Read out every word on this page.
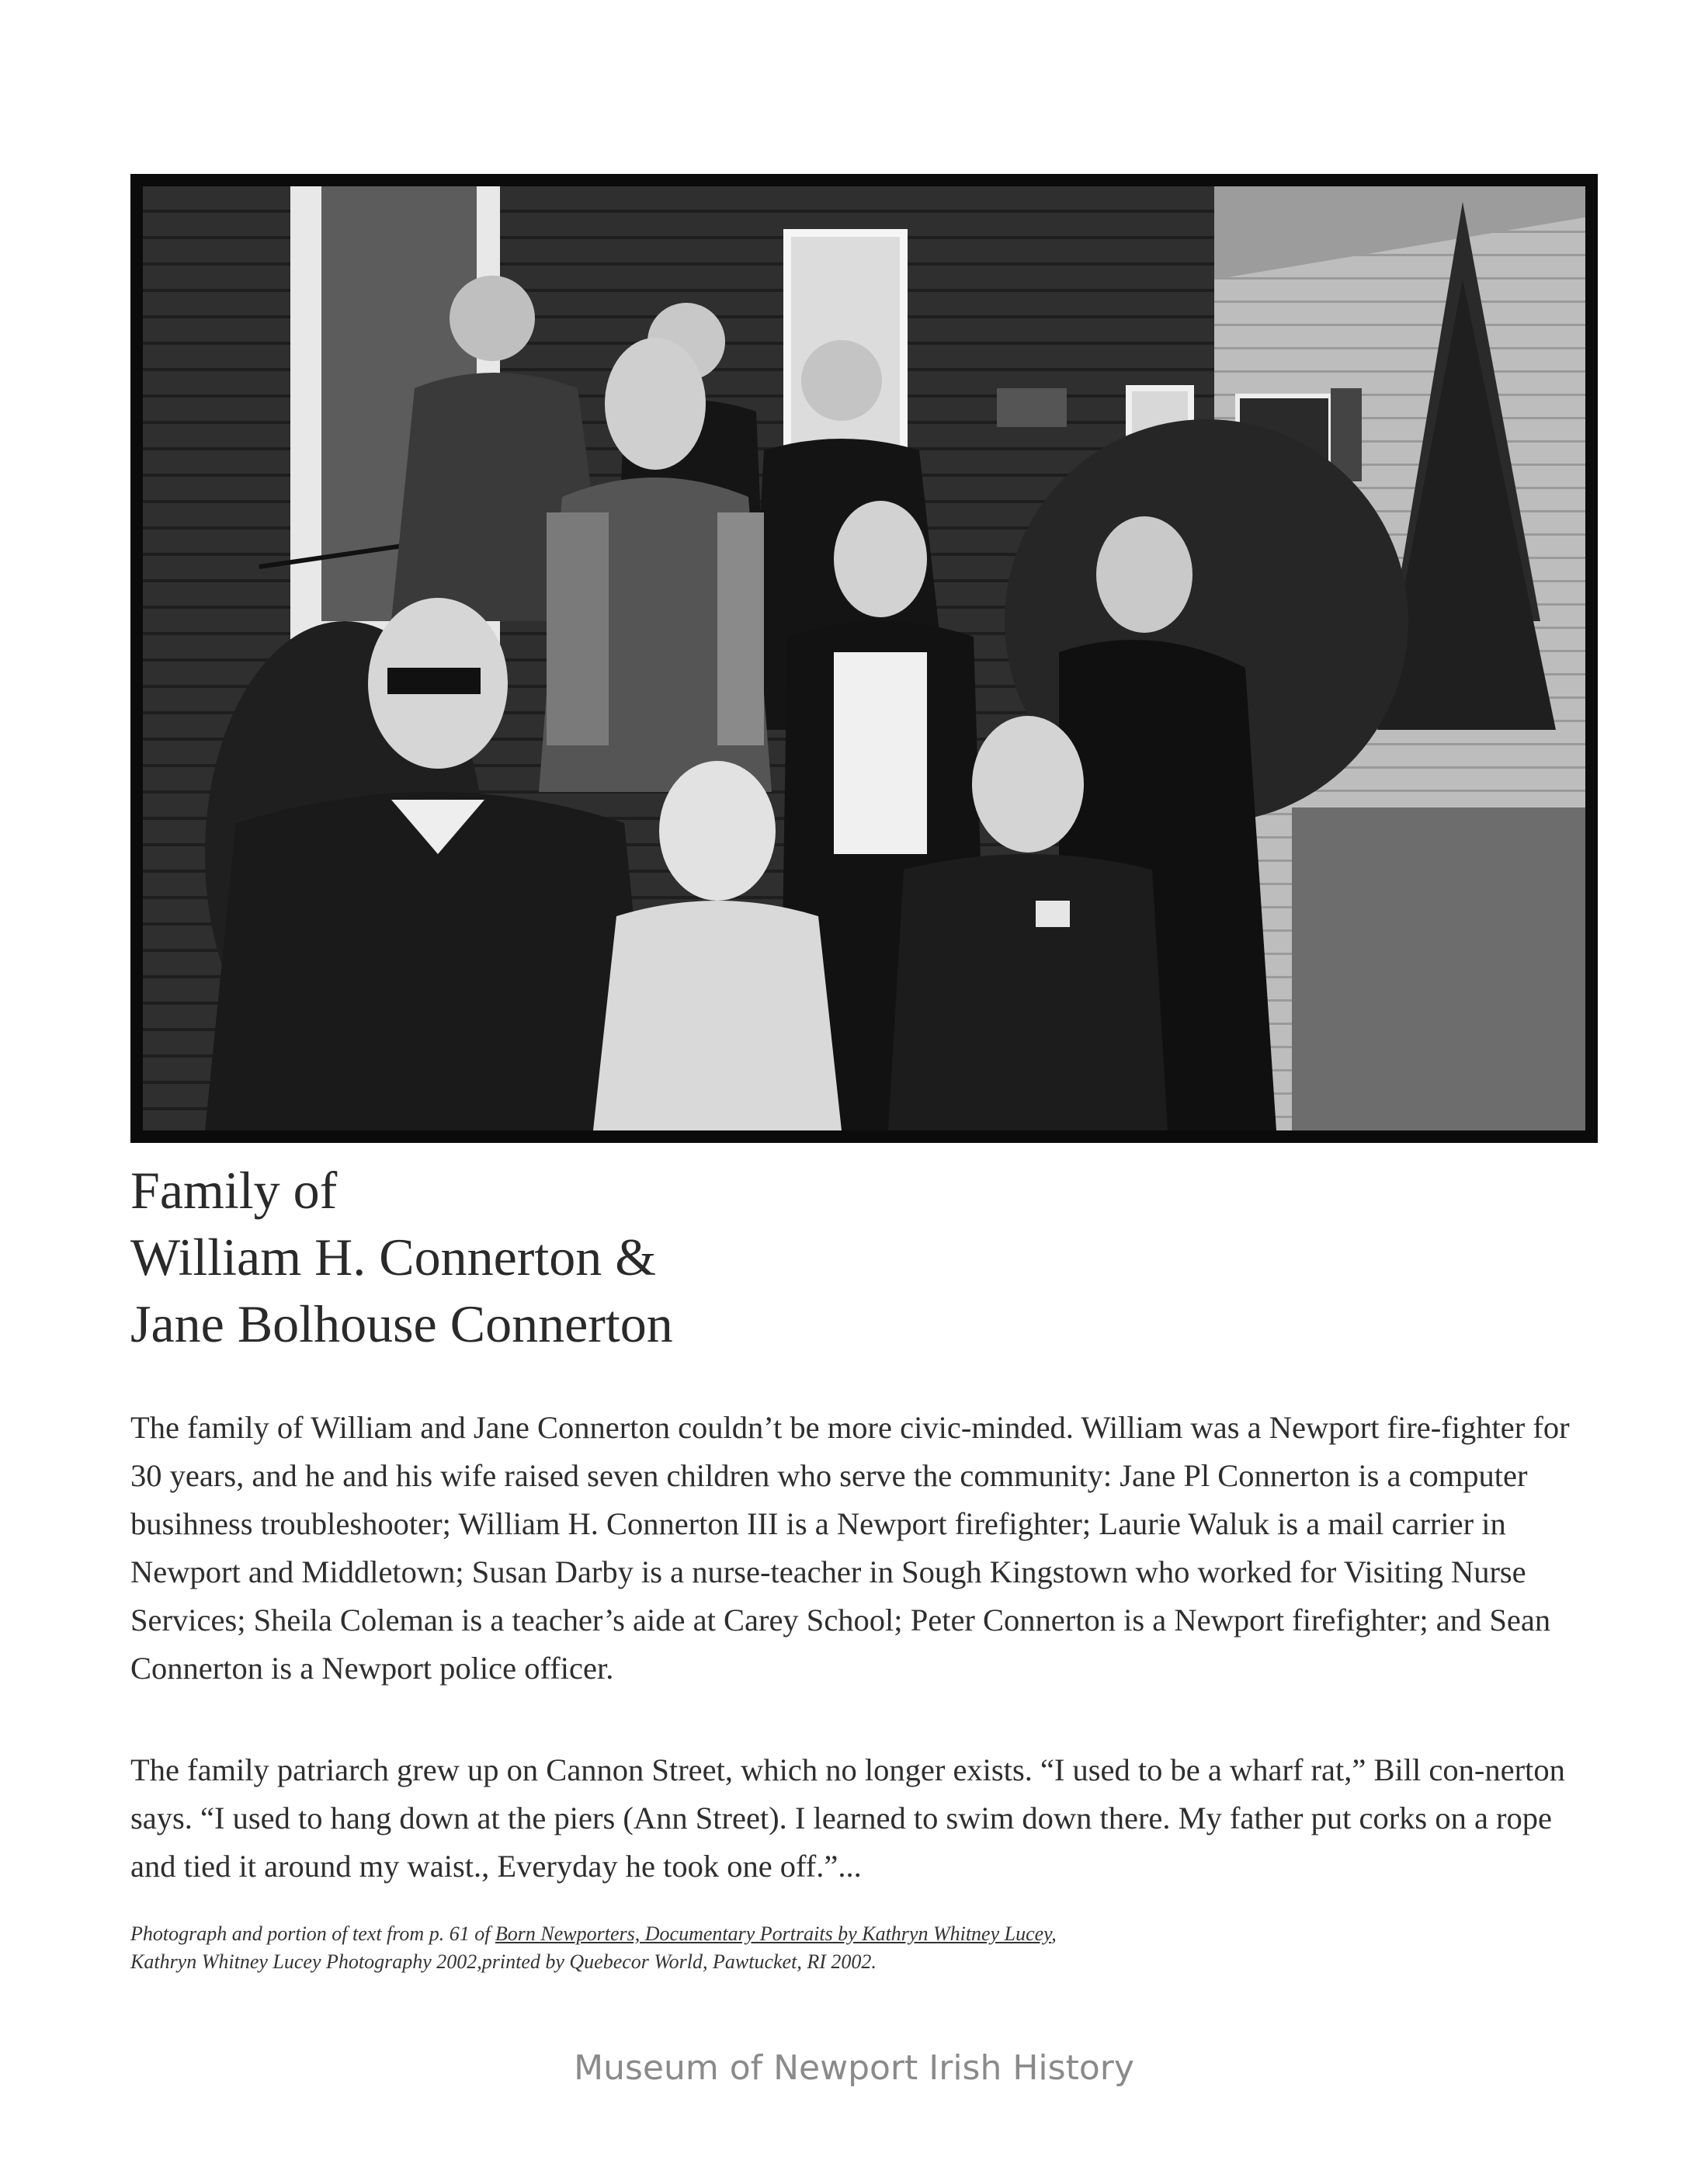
Family of
William H. Connerton &
Jane Bolhouse Connerton

The family of William and Jane Connerton couldn’t be more civic-minded. William was a Newport fire-fighter for 30 years, and he and his wife raised seven children who serve the community: Jane Pl Connerton is a computer busihness troubleshooter; William H. Connerton III is a Newport firefighter; Laurie Waluk is a mail carrier in Newport and Middletown; Susan Darby is a nurse-teacher in Sough Kingstown who worked for Visiting Nurse Services; Sheila Coleman is a teacher’s aide at Carey School; Peter Connerton is a Newport firefighter; and Sean Connerton is a Newport police officer.

The family patriarch grew up on Cannon Street, which no longer exists. “I used to be a wharf rat,” Bill con-nerton says. “I used to hang down at the piers (Ann Street). I learned to swim down there. My father put corks on a rope and tied it around my waist., Everyday he took one off.”...

Photograph and portion of text from p. 61 of Born Newporters, Documentary Portraits by Kathryn Whitney Lucey,
Kathryn Whitney Lucey Photography 2002,printed by Quebecor World, Pawtucket, RI 2002.
Museum of Newport Irish History
